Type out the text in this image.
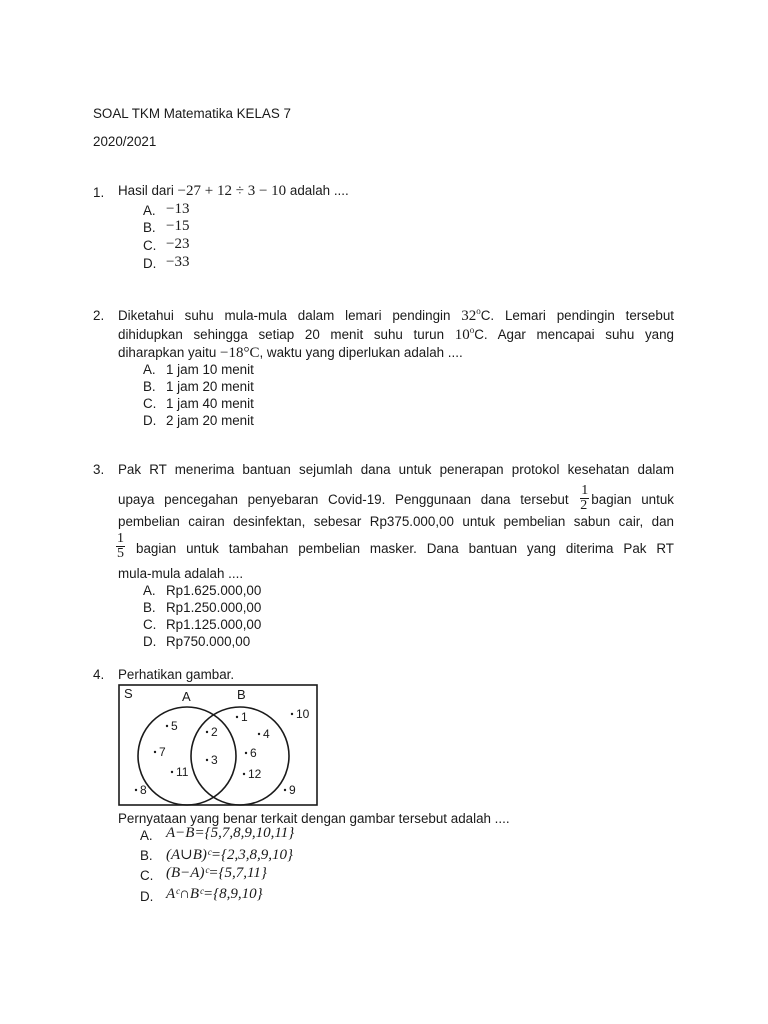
SOAL TKM Matematika KELAS 7
2020/2021
1. Hasil dari −27 + 12 ÷ 3 − 10 adalah ....
A. −13
B. −15
C. −23
D. −33
2. Diketahui suhu mula-mula dalam lemari pendingin 32$^o$C. Lemari pendingin tersebut
dihidupkan sehingga setiap 20 menit suhu turun 10$^o$C. Agar mencapai suhu yang
diharapkan yaitu −18°C, waktu yang diperlukan adalah ....
A. 1 jam 10 menit
B. 1 jam 20 menit
C. 1 jam 40 menit
D. 2 jam 20 menit
3. Pak RT menerima bantuan sejumlah dana untuk penerapan protokol kesehatan dalam
upaya pencegahan penyebaran Covid-19. Penggunaan dana tersebut $\frac{1}{2}$ bagian untuk
pembelian cairan desinfektan, sebesar Rp375.000,00 untuk pembelian sabun cair, dan
$\frac{1}{5}$ bagian untuk tambahan pembelian masker. Dana bantuan yang diterima Pak RT
mula-mula adalah ....
A. Rp1.625.000,00
B. Rp1.250.000,00
C. Rp1.125.000,00
D. Rp750.000,00
4. Perhatikan gambar.
S	A	B
5
7
11
2
3
1
4
6
12
10
8	9
Pernyataan yang benar terkait dengan gambar tersebut adalah ....
A. A−B={5,7,8,9,10,11}
B. (A∪B)ᶜ={2,3,8,9,10}
C. (B−A)ᶜ={5,7,11}
D. Aᶜ∩Bᶜ={8,9,10}
